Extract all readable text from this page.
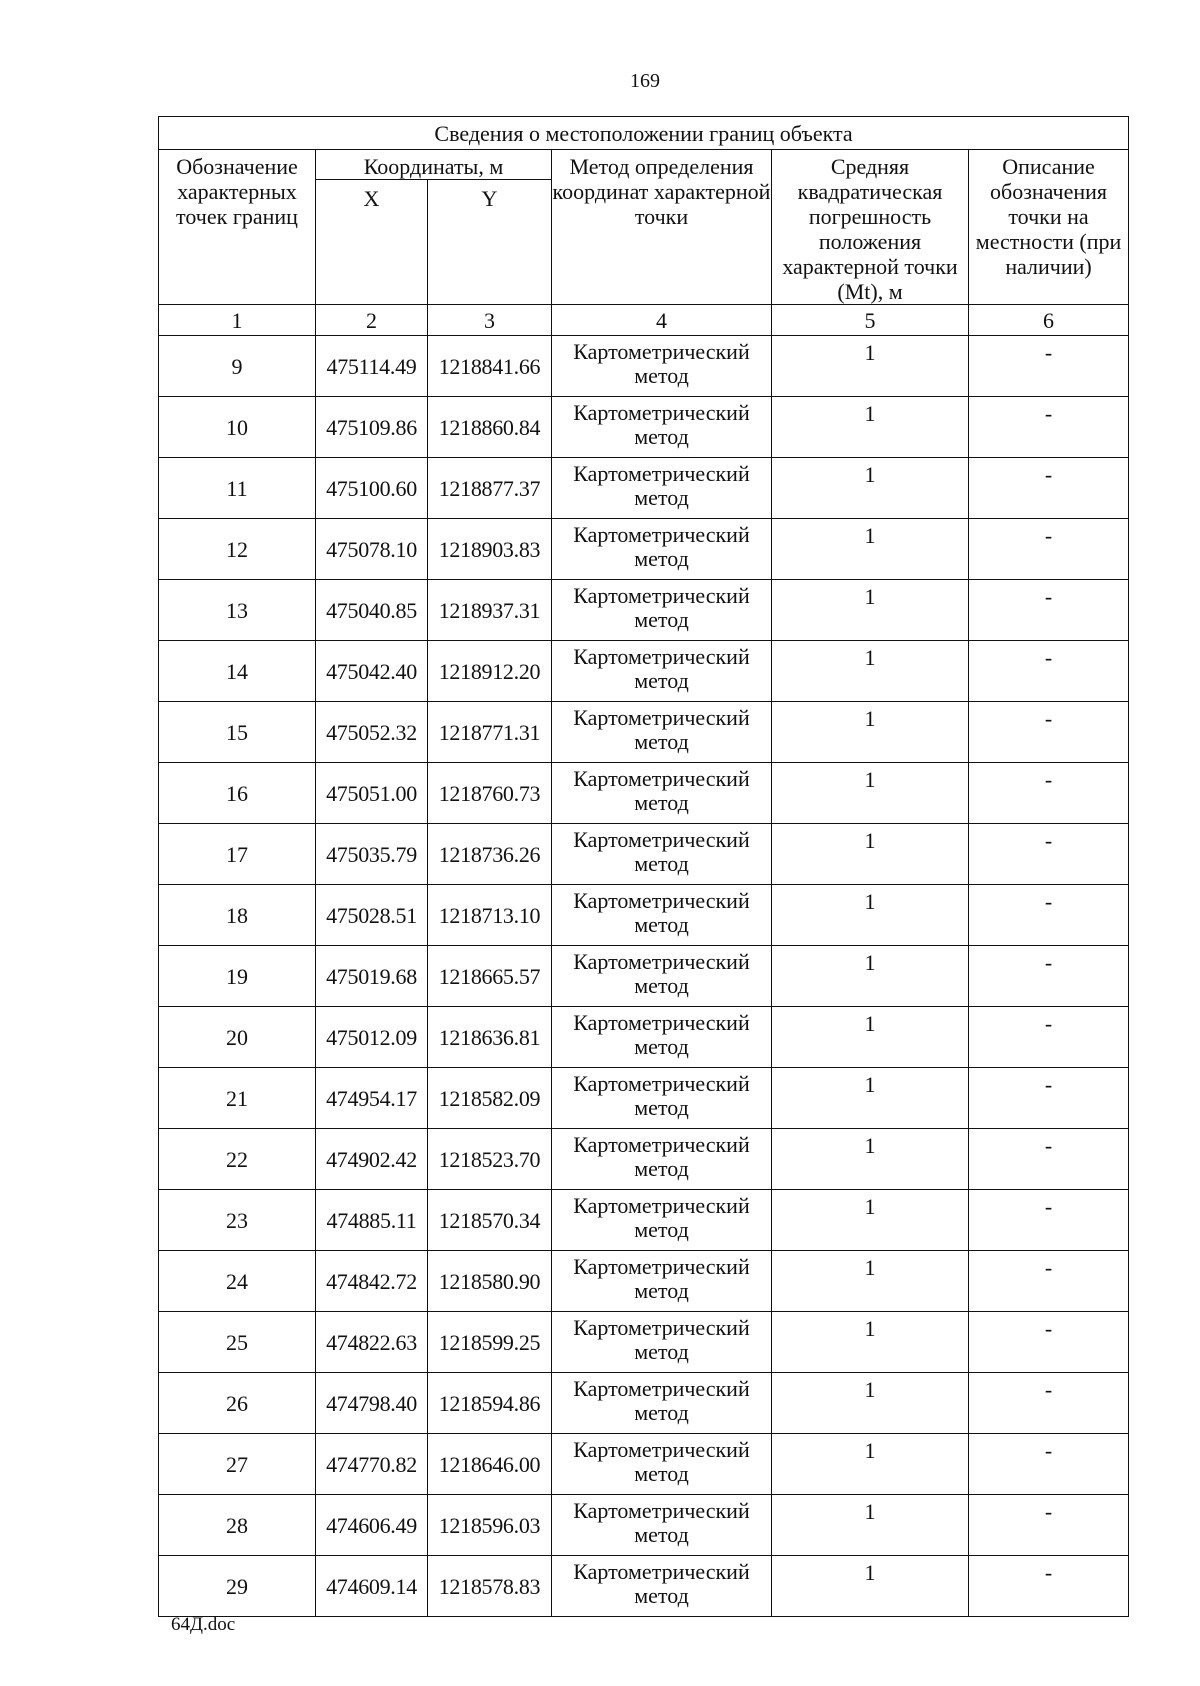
169
Сведения о местоположении границ объекта					
Обозначение характерных точек границ	Координаты, м		Метод определения координат характерной точки	Средняя квадратическая погрешность положения характерной точки (Mt), м	Описание обозначения точки на местности (при наличии)
	X	Y			
1	2	3	4	5	6
9	475114.49	1218841.66	Картометрический метод	1	-
10	475109.86	1218860.84	Картометрический метод	1	-
11	475100.60	1218877.37	Картометрический метод	1	-
12	475078.10	1218903.83	Картометрический метод	1	-
13	475040.85	1218937.31	Картометрический метод	1	-
14	475042.40	1218912.20	Картометрический метод	1	-
15	475052.32	1218771.31	Картометрический метод	1	-
16	475051.00	1218760.73	Картометрический метод	1	-
17	475035.79	1218736.26	Картометрический метод	1	-
18	475028.51	1218713.10	Картометрический метод	1	-
19	475019.68	1218665.57	Картометрический метод	1	-
20	475012.09	1218636.81	Картометрический метод	1	-
21	474954.17	1218582.09	Картометрический метод	1	-
22	474902.42	1218523.70	Картометрический метод	1	-
23	474885.11	1218570.34	Картометрический метод	1	-
24	474842.72	1218580.90	Картометрический метод	1	-
25	474822.63	1218599.25	Картометрический метод	1	-
26	474798.40	1218594.86	Картометрический метод	1	-
27	474770.82	1218646.00	Картометрический метод	1	-
28	474606.49	1218596.03	Картометрический метод	1	-
29	474609.14	1218578.83	Картометрический метод	1	-
64Д.doc
